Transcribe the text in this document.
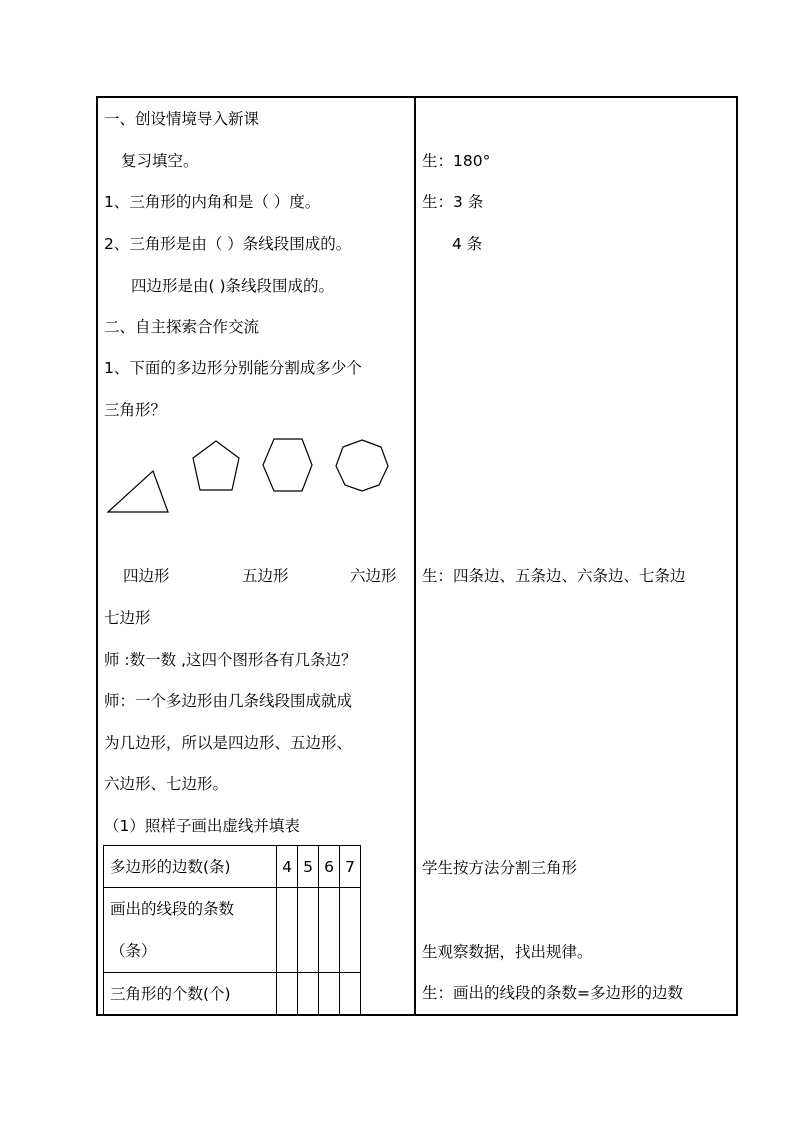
一、创设情境导入新课
复习填空。
1、三角形的内角和是（ ）度。
2、三角形是由（ ）条线段围成的。
四边形是由( )条线段围成的。
二、自主探索合作交流
1、下面的多边形分别能分割成多少个
三角形？
四边形	五边形	六边形
七边形
师 :数一数 ,这四个图形各有几条边？
师：一个多边形由几条线段围成就成
为几边形，所以是四边形、五边形、
六边形、七边形。
（1）照样子画出虚线并填表
多边形的边数(条)	4	5	6	7

画出的线段的条数
（条）				

三角形的个数(个)				
生：180°
生：3 条
4 条
生：四条边、五条边、六条边、七条边
学生按方法分割三角形
生观察数据，找出规律。
生：画出的线段的条数=多边形的边数
